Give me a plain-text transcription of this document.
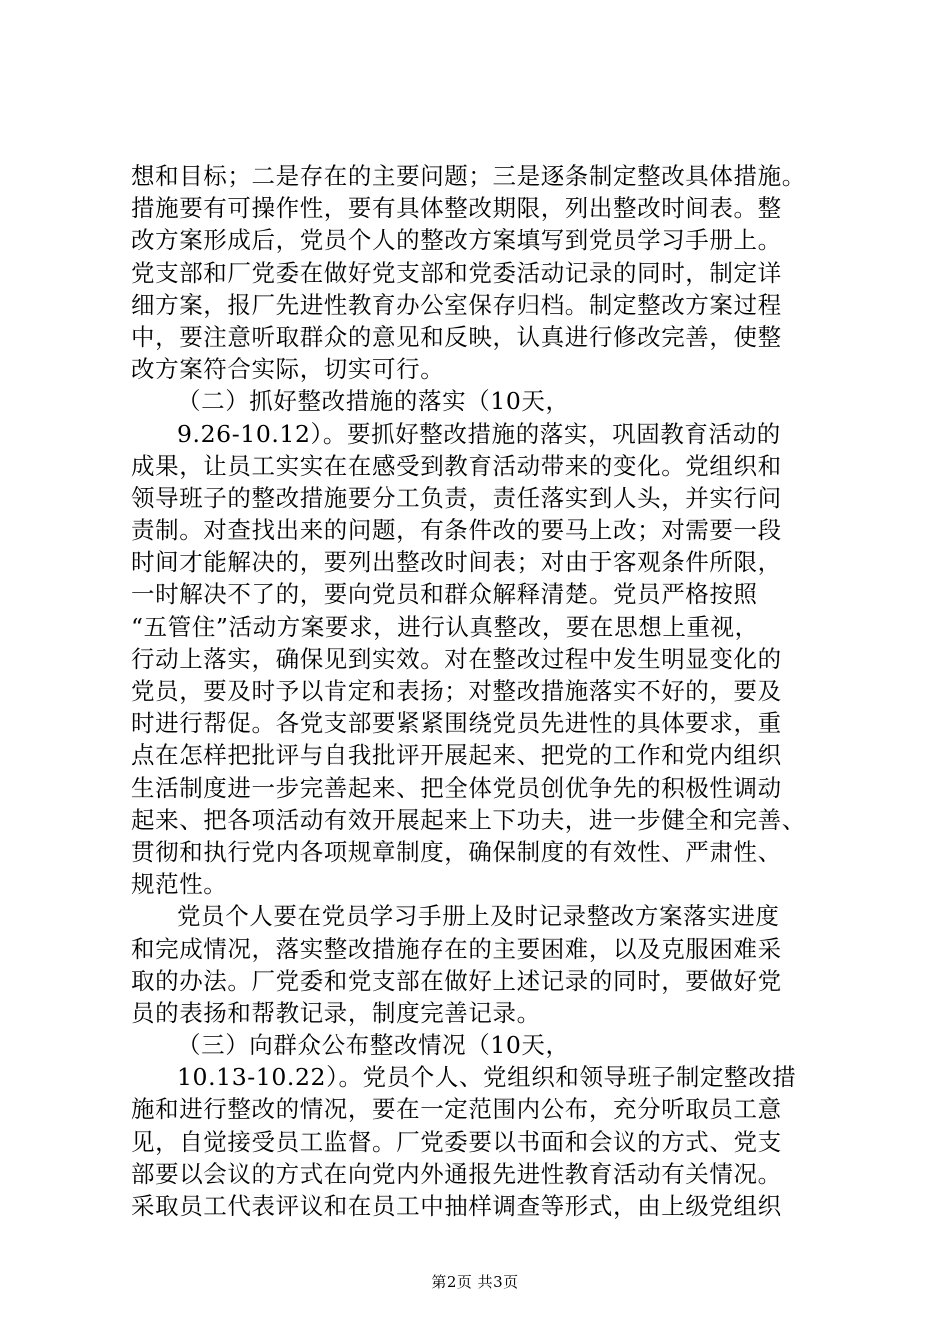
想和目标；二是存在的主要问题；三是逐条制定整改具体措施。
措施要有可操作性，要有具体整改期限，列出整改时间表。整
改方案形成后，党员个人的整改方案填写到党员学习手册上。
党支部和厂党委在做好党支部和党委活动记录的同时，制定详
细方案，报厂先进性教育办公室保存归档。制定整改方案过程
中，要注意听取群众的意见和反映，认真进行修改完善，使整
改方案符合实际，切实可行。
（二）抓好整改措施的落实（10天，
9.26-10.12）。要抓好整改措施的落实，巩固教育活动的
成果，让员工实实在在感受到教育活动带来的变化。党组织和
领导班子的整改措施要分工负责，责任落实到人头，并实行问
责制。对查找出来的问题，有条件改的要马上改；对需要一段
时间才能解决的，要列出整改时间表；对由于客观条件所限，
一时解决不了的，要向党员和群众解释清楚。党员严格按照
“五管住”活动方案要求，进行认真整改，要在思想上重视，
行动上落实，确保见到实效。对在整改过程中发生明显变化的
党员，要及时予以肯定和表扬；对整改措施落实不好的，要及
时进行帮促。各党支部要紧紧围绕党员先进性的具体要求，重
点在怎样把批评与自我批评开展起来、把党的工作和党内组织
生活制度进一步完善起来、把全体党员创优争先的积极性调动
起来、把各项活动有效开展起来上下功夫，进一步健全和完善、
贯彻和执行党内各项规章制度，确保制度的有效性、严肃性、
规范性。
党员个人要在党员学习手册上及时记录整改方案落实进度
和完成情况，落实整改措施存在的主要困难，以及克服困难采
取的办法。厂党委和党支部在做好上述记录的同时，要做好党
员的表扬和帮教记录，制度完善记录。
（三）向群众公布整改情况（10天，
10.13-10.22）。党员个人、党组织和领导班子制定整改措
施和进行整改的情况，要在一定范围内公布，充分听取员工意
见，自觉接受员工监督。厂党委要以书面和会议的方式、党支
部要以会议的方式在向党内外通报先进性教育活动有关情况。
采取员工代表评议和在员工中抽样调查等形式，由上级党组织
第2页 共3页
